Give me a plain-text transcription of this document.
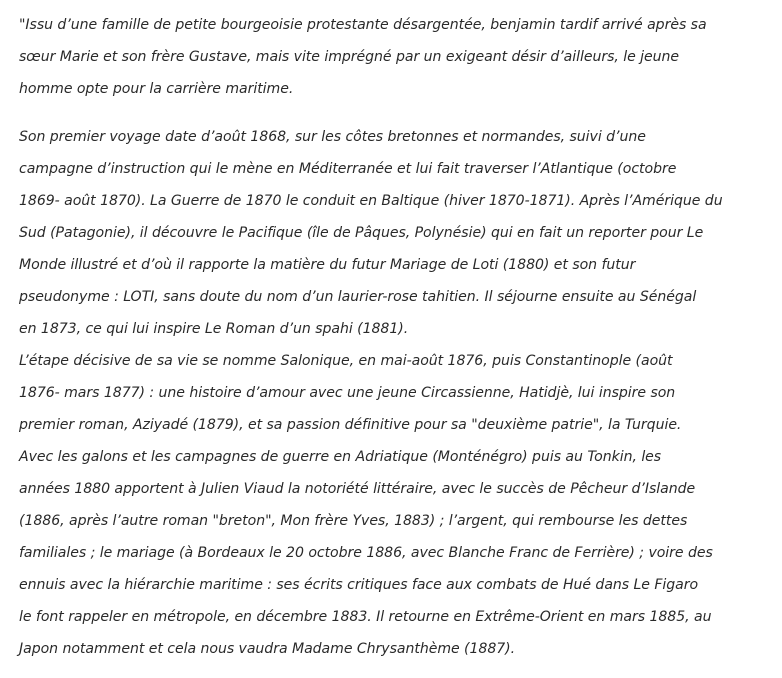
"Issu d’une famille de petite bourgeoisie protestante désargentée, benjamin tardif arrivé après sa
sœur Marie et son frère Gustave, mais vite imprégné par un exigeant désir d’ailleurs, le jeune
homme opte pour la carrière maritime.

Son premier voyage date d’août 1868, sur les côtes bretonnes et normandes, suivi d’une
campagne d’instruction qui le mène en Méditerranée et lui fait traverser l’Atlantique (octobre
1869- août 1870). La Guerre de 1870 le conduit en Baltique (hiver 1870-1871). Après l’Amérique du
Sud (Patagonie), il découvre le Pacifique (île de Pâques, Polynésie) qui en fait un reporter pour Le
Monde illustré et d’où il rapporte la matière du futur Mariage de Loti (1880) et son futur
pseudonyme : LOTI, sans doute du nom d’un laurier-rose tahitien. Il séjourne ensuite au Sénégal
en 1873, ce qui lui inspire Le Roman d’un spahi (1881).
L’étape décisive de sa vie se nomme Salonique, en mai-août 1876, puis Constantinople (août
1876- mars 1877) : une histoire d’amour avec une jeune Circassienne, Hatidjè, lui inspire son
premier roman, Aziyadé (1879), et sa passion définitive pour sa "deuxième patrie", la Turquie.
Avec les galons et les campagnes de guerre en Adriatique (Monténégro) puis au Tonkin, les
années 1880 apportent à Julien Viaud la notoriété littéraire, avec le succès de Pêcheur d’Islande
(1886, après l’autre roman "breton", Mon frère Yves, 1883) ; l’argent, qui rembourse les dettes
familiales ; le mariage (à Bordeaux le 20 octobre 1886, avec Blanche Franc de Ferrière) ; voire des
ennuis avec la hiérarchie maritime : ses écrits critiques face aux combats de Hué dans Le Figaro
le font rappeler en métropole, en décembre 1883. Il retourne en Extrême-Orient en mars 1885, au
Japon notamment et cela nous vaudra Madame Chrysanthème (1887).
